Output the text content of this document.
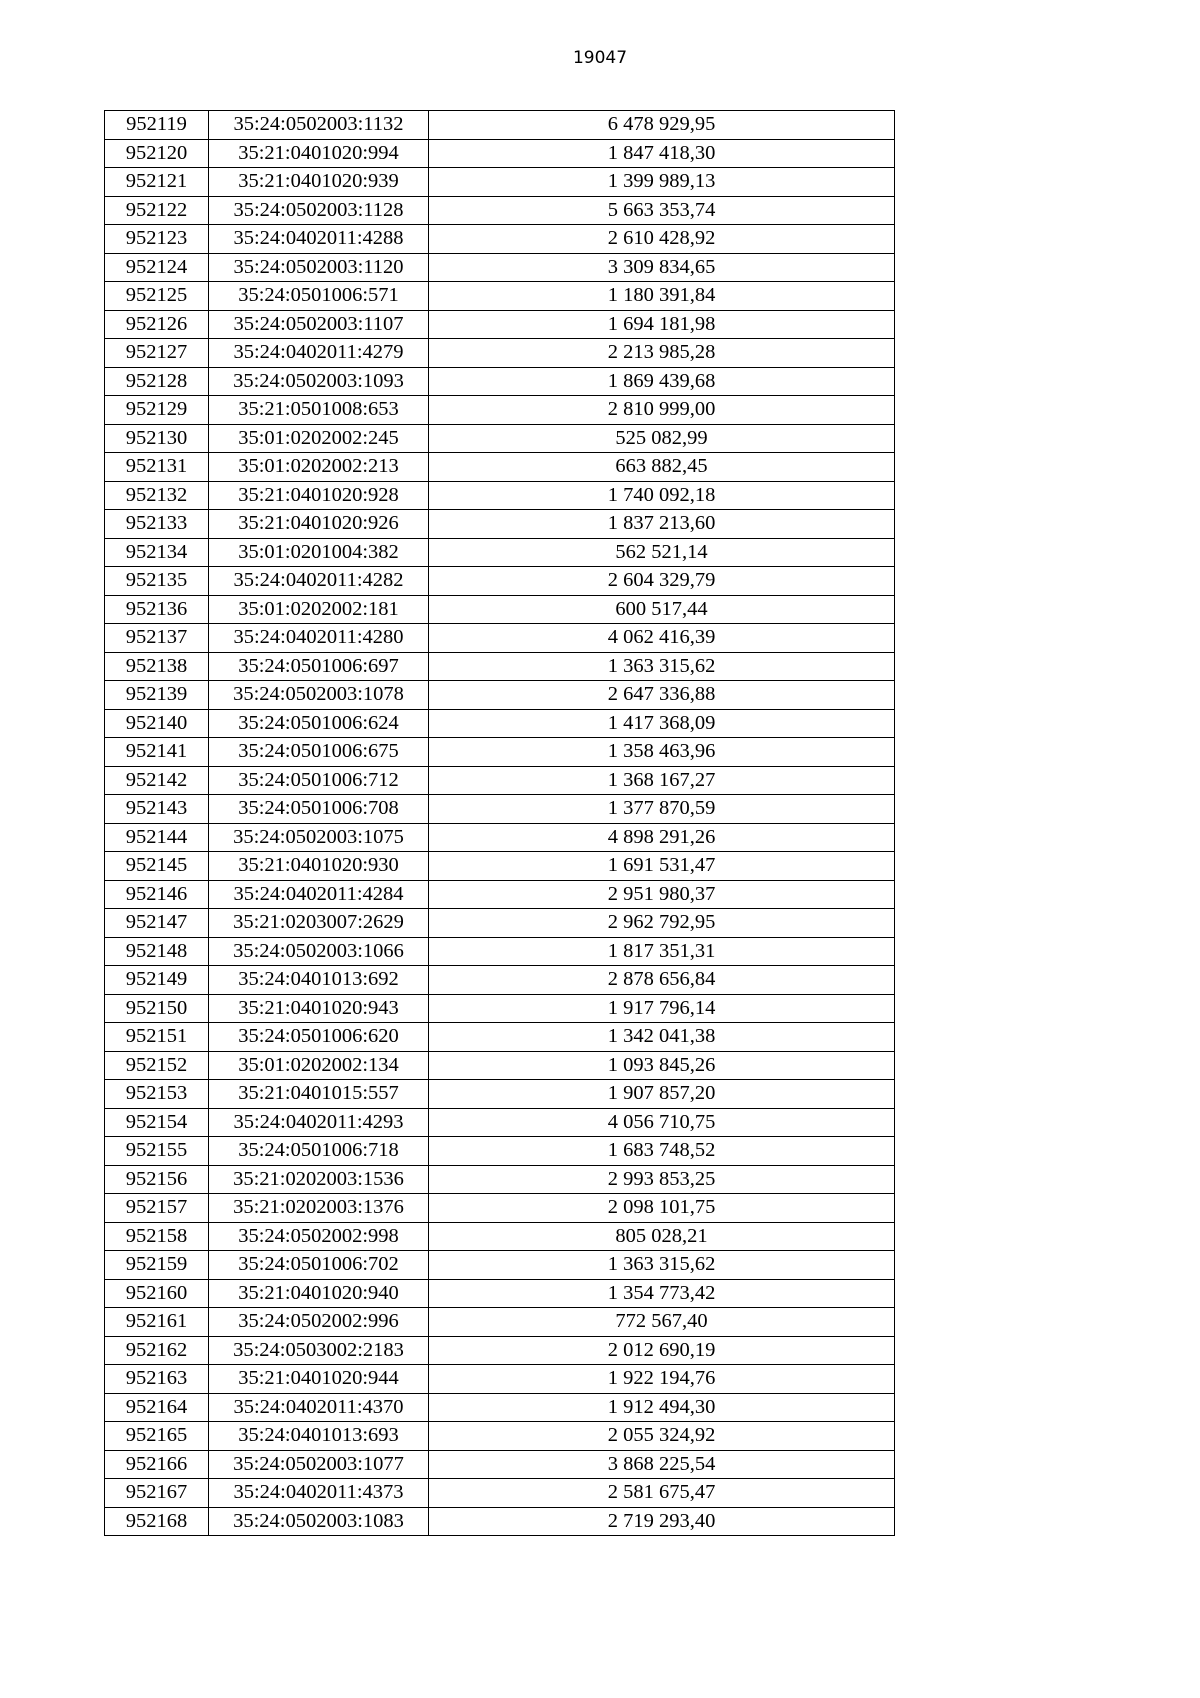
19047
952119	35:24:0502003:1132	6 478 929,95
952120	35:21:0401020:994	1 847 418,30
952121	35:21:0401020:939	1 399 989,13
952122	35:24:0502003:1128	5 663 353,74
952123	35:24:0402011:4288	2 610 428,92
952124	35:24:0502003:1120	3 309 834,65
952125	35:24:0501006:571	1 180 391,84
952126	35:24:0502003:1107	1 694 181,98
952127	35:24:0402011:4279	2 213 985,28
952128	35:24:0502003:1093	1 869 439,68
952129	35:21:0501008:653	2 810 999,00
952130	35:01:0202002:245	525 082,99
952131	35:01:0202002:213	663 882,45
952132	35:21:0401020:928	1 740 092,18
952133	35:21:0401020:926	1 837 213,60
952134	35:01:0201004:382	562 521,14
952135	35:24:0402011:4282	2 604 329,79
952136	35:01:0202002:181	600 517,44
952137	35:24:0402011:4280	4 062 416,39
952138	35:24:0501006:697	1 363 315,62
952139	35:24:0502003:1078	2 647 336,88
952140	35:24:0501006:624	1 417 368,09
952141	35:24:0501006:675	1 358 463,96
952142	35:24:0501006:712	1 368 167,27
952143	35:24:0501006:708	1 377 870,59
952144	35:24:0502003:1075	4 898 291,26
952145	35:21:0401020:930	1 691 531,47
952146	35:24:0402011:4284	2 951 980,37
952147	35:21:0203007:2629	2 962 792,95
952148	35:24:0502003:1066	1 817 351,31
952149	35:24:0401013:692	2 878 656,84
952150	35:21:0401020:943	1 917 796,14
952151	35:24:0501006:620	1 342 041,38
952152	35:01:0202002:134	1 093 845,26
952153	35:21:0401015:557	1 907 857,20
952154	35:24:0402011:4293	4 056 710,75
952155	35:24:0501006:718	1 683 748,52
952156	35:21:0202003:1536	2 993 853,25
952157	35:21:0202003:1376	2 098 101,75
952158	35:24:0502002:998	805 028,21
952159	35:24:0501006:702	1 363 315,62
952160	35:21:0401020:940	1 354 773,42
952161	35:24:0502002:996	772 567,40
952162	35:24:0503002:2183	2 012 690,19
952163	35:21:0401020:944	1 922 194,76
952164	35:24:0402011:4370	1 912 494,30
952165	35:24:0401013:693	2 055 324,92
952166	35:24:0502003:1077	3 868 225,54
952167	35:24:0402011:4373	2 581 675,47
952168	35:24:0502003:1083	2 719 293,40
